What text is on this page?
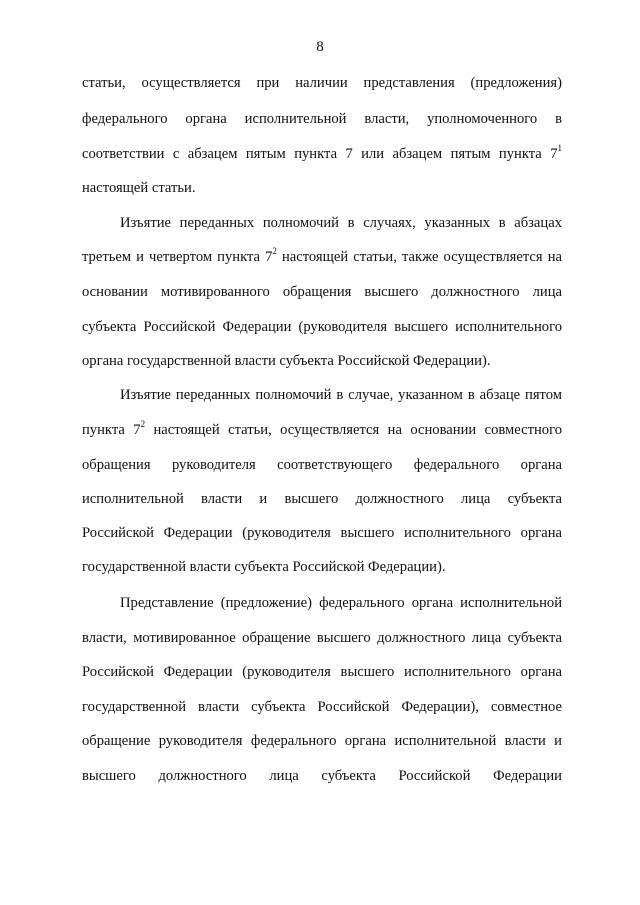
8
статьи, осуществляется при наличии представления (предложения)
федерального органа исполнительной власти, уполномоченного в
соответствии с абзацем пятым пункта 7 или абзацем пятым пункта $7^1$
настоящей статьи.
Изъятие переданных полномочий в случаях, указанных в абзацах
третьем и четвертом пункта $7^2$ настоящей статьи, также осуществляется на
основании мотивированного обращения высшего должностного лица
субъекта Российской Федерации (руководителя высшего исполнительного
органа государственной власти субъекта Российской Федерации).
Изъятие переданных полномочий в случае, указанном в абзаце пятом
пункта $7^2$ настоящей статьи, осуществляется на основании совместного
обращения руководителя соответствующего федерального органа
исполнительной власти и высшего должностного лица субъекта
Российской Федерации (руководителя высшего исполнительного органа
государственной власти субъекта Российской Федерации).
Представление (предложение) федерального органа исполнительной
власти, мотивированное обращение высшего должностного лица субъекта
Российской Федерации (руководителя высшего исполнительного органа
государственной власти субъекта Российской Федерации), совместное
обращение руководителя федерального органа исполнительной власти и
высшего должностного лица субъекта Российской Федерации
